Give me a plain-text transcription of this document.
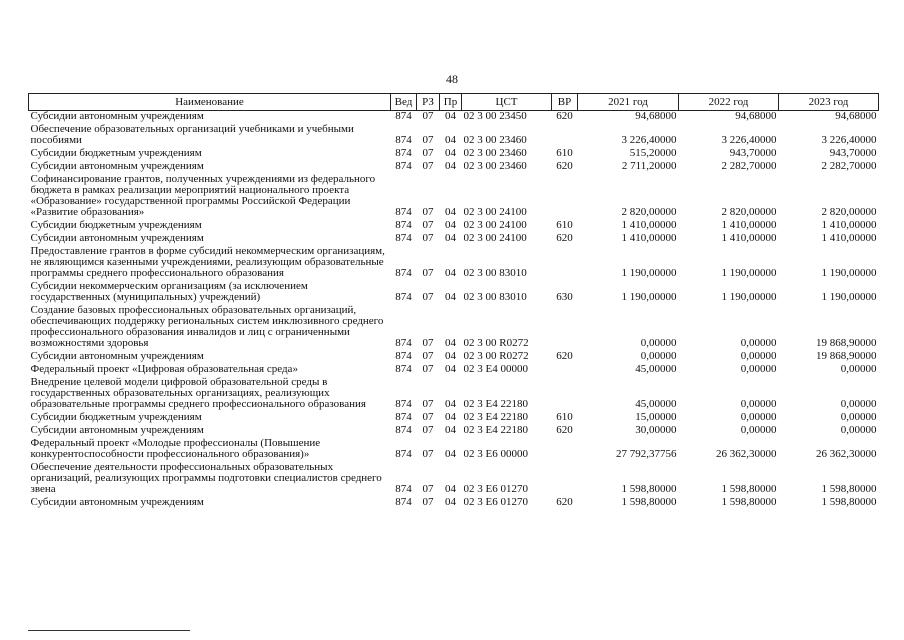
48
Наименование	Вед	РЗ	Пр	ЦСТ	ВР	2021 год	2022 год	2023 год
Субсидии автономным учреждениям	874	07	04	02 3 00 23450	620	94,68000	94,68000	94,68000
Обеспечение образовательных организаций учебниками и учебными пособиями	874	07	04	02 3 00 23460		3 226,40000	3 226,40000	3 226,40000
Субсидии бюджетным учреждениям	874	07	04	02 3 00 23460	610	515,20000	943,70000	943,70000
Субсидии автономным учреждениям	874	07	04	02 3 00 23460	620	2 711,20000	2 282,70000	2 282,70000
Софинансирование грантов, полученных учреждениями из федерального бюджета в рамках реализации мероприятий национального проекта «Образование» государственной программы Российской Федерации «Развитие образования»	874	07	04	02 3 00 24100		2 820,00000	2 820,00000	2 820,00000
Субсидии бюджетным учреждениям	874	07	04	02 3 00 24100	610	1 410,00000	1 410,00000	1 410,00000
Субсидии автономным учреждениям	874	07	04	02 3 00 24100	620	1 410,00000	1 410,00000	1 410,00000
Предоставление грантов в форме субсидий некоммерческим организациям, не являющимся казенными учреждениями, реализующим образовательные программы среднего профессионального образования	874	07	04	02 3 00 83010		1 190,00000	1 190,00000	1 190,00000
Субсидии некоммерческим организациям (за исключением государственных (муниципальных) учреждений)	874	07	04	02 3 00 83010	630	1 190,00000	1 190,00000	1 190,00000
Создание базовых профессиональных образовательных организаций, обеспечивающих поддержку региональных систем инклюзивного среднего профессионального образования инвалидов и лиц с ограниченными возможностями здоровья	874	07	04	02 3 00 R0272		0,00000	0,00000	19 868,90000
Субсидии автономным учреждениям	874	07	04	02 3 00 R0272	620	0,00000	0,00000	19 868,90000
Федеральный проект «Цифровая образовательная среда»	874	07	04	02 3 E4 00000		45,00000	0,00000	0,00000
Внедрение целевой модели цифровой образовательной среды в государственных образовательных организациях, реализующих образовательные программы среднего профессионального образования	874	07	04	02 3 E4 22180		45,00000	0,00000	0,00000
Субсидии бюджетным учреждениям	874	07	04	02 3 E4 22180	610	15,00000	0,00000	0,00000
Субсидии автономным учреждениям	874	07	04	02 3 E4 22180	620	30,00000	0,00000	0,00000
Федеральный проект «Молодые профессионалы (Повышение конкурентоспособности профессионального образования)»	874	07	04	02 3 E6 00000		27 792,37756	26 362,30000	26 362,30000
Обеспечение деятельности профессиональных образовательных организаций, реализующих программы подготовки специалистов среднего звена	874	07	04	02 3 E6 01270		1 598,80000	1 598,80000	1 598,80000
Субсидии автономным учреждениям	874	07	04	02 3 E6 01270	620	1 598,80000	1 598,80000	1 598,80000
